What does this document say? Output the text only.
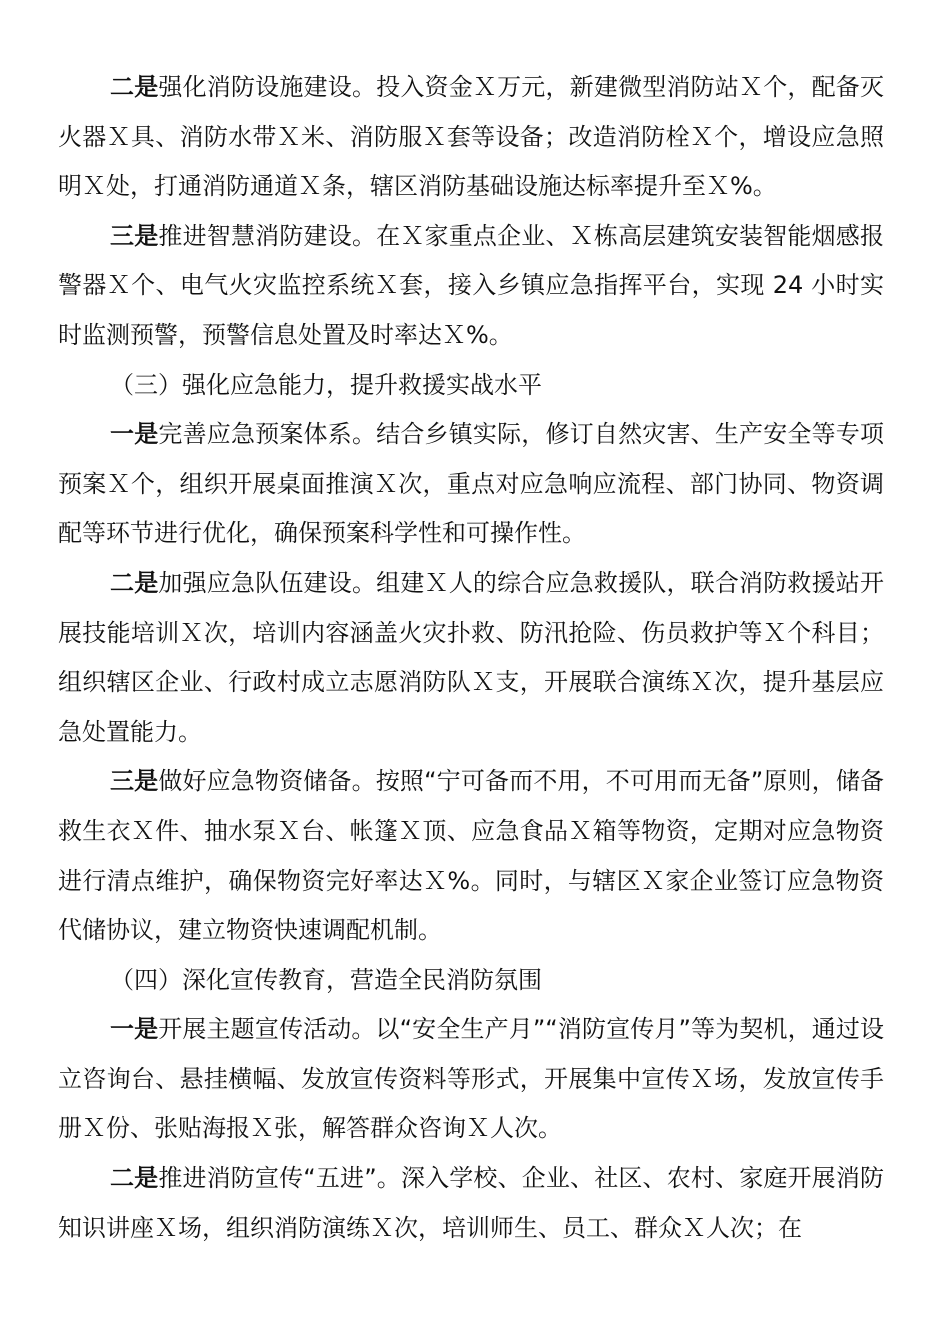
二是强化消防设施建设。投入资金Ｘ万元，新建微型消防站Ｘ个，配备灭火器Ｘ具、消防水带Ｘ米、消防服Ｘ套等设备；改造消防栓Ｘ个，增设应急照明Ｘ处，打通消防通道Ｘ条，辖区消防基础设施达标率提升至Ｘ%。

三是推进智慧消防建设。在Ｘ家重点企业、Ｘ栋高层建筑安装智能烟感报警器Ｘ个、电气火灾监控系统Ｘ套，接入乡镇应急指挥平台，实现 24 小时实时监测预警，预警信息处置及时率达Ｘ%。

（三）强化应急能力，提升救援实战水平

一是完善应急预案体系。结合乡镇实际，修订自然灾害、生产安全等专项预案Ｘ个，组织开展桌面推演Ｘ次，重点对应急响应流程、部门协同、物资调配等环节进行优化，确保预案科学性和可操作性。

二是加强应急队伍建设。组建Ｘ人的综合应急救援队，联合消防救援站开展技能培训Ｘ次，培训内容涵盖火灾扑救、防汛抢险、伤员救护等Ｘ个科目；组织辖区企业、行政村成立志愿消防队Ｘ支，开展联合演练Ｘ次，提升基层应急处置能力。

三是做好应急物资储备。按照“宁可备而不用，不可用而无备”原则，储备救生衣Ｘ件、抽水泵Ｘ台、帐篷Ｘ顶、应急食品Ｘ箱等物资，定期对应急物资进行清点维护，确保物资完好率达Ｘ%。同时，与辖区Ｘ家企业签订应急物资代储协议，建立物资快速调配机制。

（四）深化宣传教育，营造全民消防氛围

一是开展主题宣传活动。以“安全生产月”“消防宣传月”等为契机，通过设立咨询台、悬挂横幅、发放宣传资料等形式，开展集中宣传Ｘ场，发放宣传手册Ｘ份、张贴海报Ｘ张，解答群众咨询Ｘ人次。

二是推进消防宣传“五进”。深入学校、企业、社区、农村、家庭开展消防知识讲座Ｘ场，组织消防演练Ｘ次，培训师生、员工、群众Ｘ人次；在
